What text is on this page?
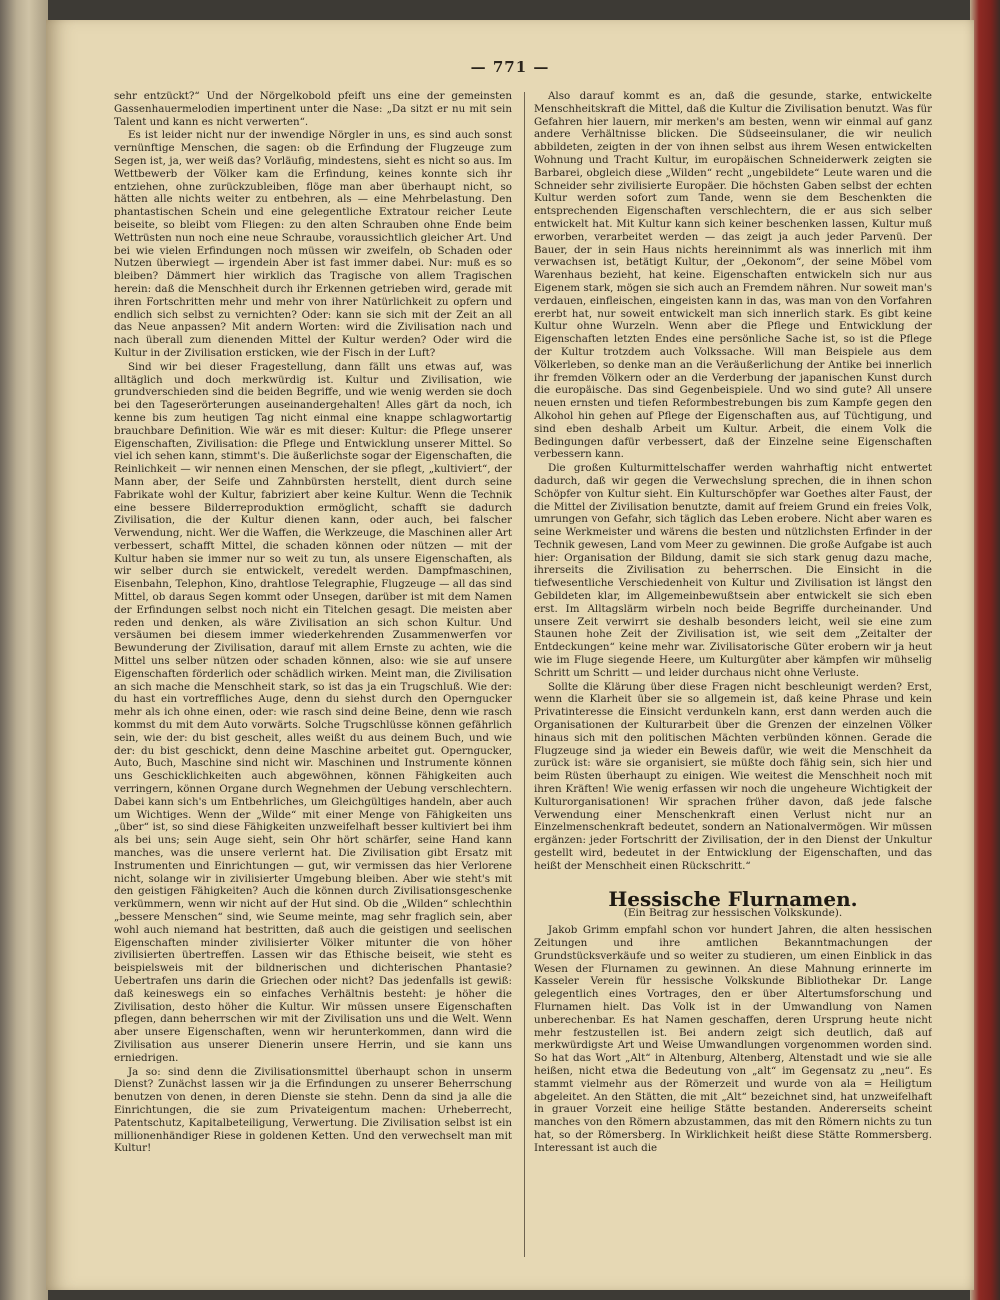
— 771 —

sehr entzückt?“ Und der Nörgelkobold pfeift uns eine der gemeinsten Gassenhauermelodien impertinent unter die Nase: „Da sitzt er nu mit sein Talent und kann es nicht verwerten“.

Es ist leider nicht nur der inwendige Nörgler in uns, es sind auch sonst vernünftige Menschen, die sagen: ob die Erfindung der Flugzeuge zum Segen ist, ja, wer weiß das? Vorläufig, mindestens, sieht es nicht so aus. Im Wettbewerb der Völker kam die Erfindung, keines konnte sich ihr entziehen, ohne zurückzubleiben, flöge man aber überhaupt nicht, so hätten alle nichts weiter zu entbehren, als — eine Mehrbelastung. Den phantastischen Schein und eine gelegentliche Extratour reicher Leute beiseite, so bleibt vom Fliegen: zu den alten Schrauben ohne Ende beim Wettrüsten nun noch eine neue Schraube, voraussichtlich gleicher Art. Und bei wie vielen Erfindungen noch müssen wir zweifeln, ob Schaden oder Nutzen überwiegt — irgendein Aber ist fast immer dabei. Nur: muß es so bleiben? Dämmert hier wirklich das Tragische von allem Tragischen herein: daß die Menschheit durch ihr Erkennen getrieben wird, gerade mit ihren Fortschritten mehr und mehr von ihrer Natürlichkeit zu opfern und endlich sich selbst zu vernichten? Oder: kann sie sich mit der Zeit an all das Neue anpassen? Mit andern Worten: wird die Zivilisation nach und nach überall zum dienenden Mittel der Kultur werden? Oder wird die Kultur in der Zivilisation ersticken, wie der Fisch in der Luft?

Sind wir bei dieser Fragestellung, dann fällt uns etwas auf, was alltäglich und doch merkwürdig ist. Kultur und Zivilisation, wie grundverschieden sind die beiden Begriffe, und wie wenig werden sie doch bei den Tageserörterungen auseinandergehalten! Alles gärt da noch, ich kenne bis zum heutigen Tag nicht einmal eine knappe schlagwortartig brauchbare Definition. Wie wär es mit dieser: Kultur: die Pflege unserer Eigenschaften, Zivilisation: die Pflege und Entwicklung unserer Mittel. So viel ich sehen kann, stimmt's. Die äußerlichste sogar der Eigenschaften, die Reinlichkeit — wir nennen einen Menschen, der sie pflegt, „kultiviert“, der Mann aber, der Seife und Zahnbürsten herstellt, dient durch seine Fabrikate wohl der Kultur, fabriziert aber keine Kultur. Wenn die Technik eine bessere Bilderreproduktion ermöglicht, schafft sie dadurch Zivilisation, die der Kultur dienen kann, oder auch, bei falscher Verwendung, nicht. Wer die Waffen, die Werkzeuge, die Maschinen aller Art verbessert, schafft Mittel, die schaden können oder nützen — mit der Kultur haben sie immer nur so weit zu tun, als unsere Eigenschaften, als wir selber durch sie entwickelt, veredelt werden. Dampfmaschinen, Eisenbahn, Telephon, Kino, drahtlose Telegraphie, Flugzeuge — all das sind Mittel, ob daraus Segen kommt oder Unsegen, darüber ist mit dem Namen der Erfindungen selbst noch nicht ein Titelchen gesagt. Die meisten aber reden und denken, als wäre Zivilisation an sich schon Kultur. Und versäumen bei diesem immer wiederkehrenden Zusammenwerfen vor Bewunderung der Zivilisation, darauf mit allem Ernste zu achten, wie die Mittel uns selber nützen oder schaden können, also: wie sie auf unsere Eigenschaften förderlich oder schädlich wirken. Meint man, die Zivilisation an sich mache die Menschheit stark, so ist das ja ein Trugschluß. Wie der: du hast ein vortreffliches Auge, denn du siehst durch den Operngucker mehr als ich ohne einen, oder: wie rasch sind deine Beine, denn wie rasch kommst du mit dem Auto vorwärts. Solche Trugschlüsse können gefährlich sein, wie der: du bist gescheit, alles weißt du aus deinem Buch, und wie der: du bist geschickt, denn deine Maschine arbeitet gut. Operngucker, Auto, Buch, Maschine sind nicht wir. Maschinen und Instrumente können uns Geschicklichkeiten auch abgewöhnen, können Fähigkeiten auch verringern, können Organe durch Wegnehmen der Uebung verschlechtern. Dabei kann sich's um Entbehrliches, um Gleichgültiges handeln, aber auch um Wichtiges. Wenn der „Wilde“ mit einer Menge von Fähigkeiten uns „über“ ist, so sind diese Fähigkeiten unzweifelhaft besser kultiviert bei ihm als bei uns; sein Auge sieht, sein Ohr hört schärfer, seine Hand kann manches, was die unsere verlernt hat. Die Zivilisation gibt Ersatz mit Instrumenten und Einrichtungen — gut, wir vermissen das hier Verlorene nicht, solange wir in zivilisierter Umgebung bleiben. Aber wie steht's mit den geistigen Fähigkeiten? Auch die können durch Zivilisationsgeschenke verkümmern, wenn wir nicht auf der Hut sind. Ob die „Wilden“ schlechthin „bessere Menschen“ sind, wie Seume meinte, mag sehr fraglich sein, aber wohl auch niemand hat bestritten, daß auch die geistigen und seelischen Eigenschaften minder zivilisierter Völker mitunter die von höher zivilisierten übertreffen. Lassen wir das Ethische beiseit, wie steht es beispielsweis mit der bildnerischen und dichterischen Phantasie? Uebertrafen uns darin die Griechen oder nicht? Das jedenfalls ist gewiß: daß keineswegs ein so einfaches Verhältnis besteht: je höher die Zivilisation, desto höher die Kultur. Wir müssen unsere Eigenschaften pflegen, dann beherrschen wir mit der Zivilisation uns und die Welt. Wenn aber unsere Eigenschaften, wenn wir herunterkommen, dann wird die Zivilisation aus unserer Dienerin unsere Herrin, und sie kann uns erniedrigen.

Ja so: sind denn die Zivilisationsmittel überhaupt schon in unserm Dienst? Zunächst lassen wir ja die Erfindungen zu unserer Beherrschung benutzen von denen, in deren Dienste sie stehn. Denn da sind ja alle die Einrichtungen, die sie zum Privateigentum machen: Urheberrecht, Patentschutz, Kapitalbeteiligung, Verwertung. Die Zivilisation selbst ist ein millionenhändiger Riese in goldenen Ketten. Und den verwechselt man mit Kultur!

Also darauf kommt es an, daß die gesunde, starke, entwickelte Menschheitskraft die Mittel, daß die Kultur die Zivilisation benutzt. Was für Gefahren hier lauern, mir merken's am besten, wenn wir einmal auf ganz andere Verhältnisse blicken. Die Südseeinsulaner, die wir neulich abbildeten, zeigten in der von ihnen selbst aus ihrem Wesen entwickelten Wohnung und Tracht Kultur, im europäischen Schneiderwerk zeigten sie Barbarei, obgleich diese „Wilden“ recht „ungebildete“ Leute waren und die Schneider sehr zivilisierte Europäer. Die höchsten Gaben selbst der echten Kultur werden sofort zum Tande, wenn sie dem Beschenkten die entsprechenden Eigenschaften verschlechtern, die er aus sich selber entwickelt hat. Mit Kultur kann sich keiner beschenken lassen, Kultur muß erworben, verarbeitet werden — das zeigt ja auch jeder Parvenü. Der Bauer, der in sein Haus nichts hereinnimmt als was innerlich mit ihm verwachsen ist, betätigt Kultur, der „Oekonom“, der seine Möbel vom Warenhaus bezieht, hat keine. Eigenschaften entwickeln sich nur aus Eigenem stark, mögen sie sich auch an Fremdem nähren. Nur soweit man's verdauen, einfleischen, eingeisten kann in das, was man von den Vorfahren ererbt hat, nur soweit entwickelt man sich innerlich stark. Es gibt keine Kultur ohne Wurzeln. Wenn aber die Pflege und Entwicklung der Eigenschaften letzten Endes eine persönliche Sache ist, so ist die Pflege der Kultur trotzdem auch Volkssache. Will man Beispiele aus dem Völkerleben, so denke man an die Veräußerlichung der Antike bei innerlich ihr fremden Völkern oder an die Verderbung der japanischen Kunst durch die europäische. Das sind Gegenbeispiele. Und wo sind gute? All unsere neuen ernsten und tiefen Reformbestrebungen bis zum Kampfe gegen den Alkohol hin gehen auf Pflege der Eigenschaften aus, auf Tüchtigung, und sind eben deshalb Arbeit um Kultur. Arbeit, die einem Volk die Bedingungen dafür verbessert, daß der Einzelne seine Eigenschaften verbessern kann.

Die großen Kulturmittelschaffer werden wahrhaftig nicht entwertet dadurch, daß wir gegen die Verwechslung sprechen, die in ihnen schon Schöpfer von Kultur sieht. Ein Kulturschöpfer war Goethes alter Faust, der die Mittel der Zivilisation benutzte, damit auf freiem Grund ein freies Volk, umrungen von Gefahr, sich täglich das Leben erobere. Nicht aber waren es seine Werkmeister und wärens die besten und nützlichsten Erfinder in der Technik gewesen, Land vom Meer zu gewinnen. Die große Aufgabe ist auch hier: Organisation der Bildung, damit sie sich stark genug dazu mache, ihrerseits die Zivilisation zu beherrschen. Die Einsicht in die tiefwesentliche Verschiedenheit von Kultur und Zivilisation ist längst den Gebildeten klar, im Allgemeinbewußtsein aber entwickelt sie sich eben erst. Im Alltagslärm wirbeln noch beide Begriffe durcheinander. Und unsere Zeit verwirrt sie deshalb besonders leicht, weil sie eine zum Staunen hohe Zeit der Zivilisation ist, wie seit dem „Zeitalter der Entdeckungen“ keine mehr war. Zivilisatorische Güter erobern wir ja heut wie im Fluge siegende Heere, um Kulturgüter aber kämpfen wir mühselig Schritt um Schritt — und leider durchaus nicht ohne Verluste.

Sollte die Klärung über diese Fragen nicht beschleunigt werden? Erst, wenn die Klarheit über sie so allgemein ist, daß keine Phrase und kein Privatinteresse die Einsicht verdunkeln kann, erst dann werden auch die Organisationen der Kulturarbeit über die Grenzen der einzelnen Völker hinaus sich mit den politischen Mächten verbünden können. Gerade die Flugzeuge sind ja wieder ein Beweis dafür, wie weit die Menschheit da zurück ist: wäre sie organisiert, sie müßte doch fähig sein, sich hier und beim Rüsten überhaupt zu einigen. Wie weitest die Menschheit noch mit ihren Kräften! Wie wenig erfassen wir noch die ungeheure Wichtigkeit der Kulturorganisationen! Wir sprachen früher davon, daß jede falsche Verwendung einer Menschenkraft einen Verlust nicht nur an Einzelmenschenkraft bedeutet, sondern an Nationalvermögen. Wir müssen ergänzen: jeder Fortschritt der Zivilisation, der in den Dienst der Unkultur gestellt wird, bedeutet in der Entwicklung der Eigenschaften, und das heißt der Menschheit einen Rückschritt.“

Hessische Flurnamen.
(Ein Beitrag zur hessischen Volkskunde).

Jakob Grimm empfahl schon vor hundert Jahren, die alten hessischen Zeitungen und ihre amtlichen Bekanntmachungen der Grundstücksverkäufe und so weiter zu studieren, um einen Einblick in das Wesen der Flurnamen zu gewinnen. An diese Mahnung erinnerte im Kasseler Verein für hessische Volkskunde Bibliothekar Dr. Lange gelegentlich eines Vortrages, den er über Altertumsforschung und Flurnamen hielt. Das Volk ist in der Umwandlung von Namen unberechenbar. Es hat Namen geschaffen, deren Ursprung heute nicht mehr festzustellen ist. Bei andern zeigt sich deutlich, daß auf merkwürdigste Art und Weise Umwandlungen vorgenommen worden sind. So hat das Wort „Alt“ in Altenburg, Altenberg, Altenstadt und wie sie alle heißen, nicht etwa die Bedeutung von „alt“ im Gegensatz zu „neu“. Es stammt vielmehr aus der Römerzeit und wurde von ala = Heiligtum abgeleitet. An den Stätten, die mit „Alt“ bezeichnet sind, hat unzweifelhaft in grauer Vorzeit eine heilige Stätte bestanden. Andererseits scheint manches von den Römern abzustammen, das mit den Römern nichts zu tun hat, so der Römersberg. In Wirklichkeit heißt diese Stätte Rommersberg. Interessant ist auch die
